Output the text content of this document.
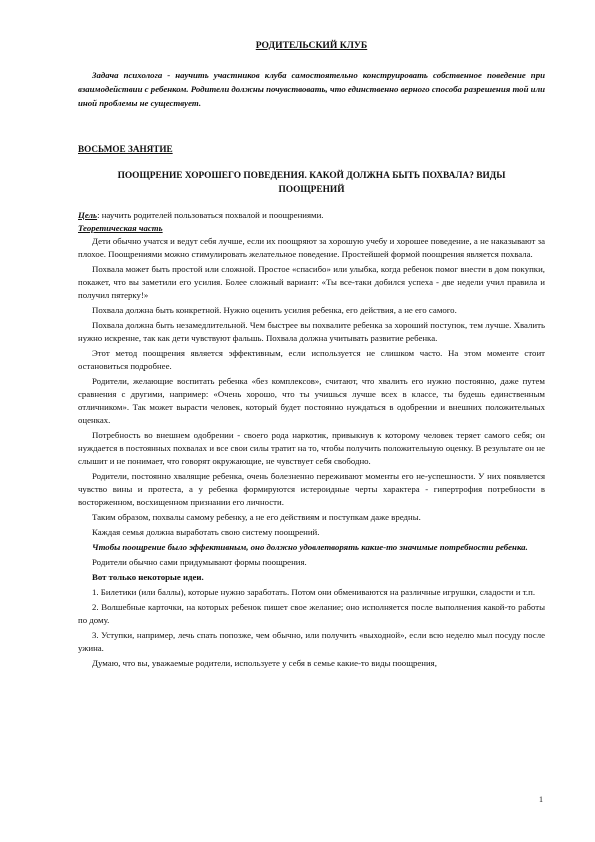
РОДИТЕЛЬСКИЙ КЛУБ

Задача психолога - научить участников клуба самостоятельно конструировать собственное поведение при взаимодействии с ребенком. Родители должны почувствовать, что единственно верного способа разрешения той или иной проблемы не существует.
ВОСЬМОЕ ЗАНЯТИЕ
ПООЩРЕНИЕ ХОРОШЕГО ПОВЕДЕНИЯ. КАКОЙ ДОЛЖНА БЫТЬ ПОХВАЛА? ВИДЫ ПООЩРЕНИЙ
Цель: научить родителей пользоваться похвалой и поощрениями.
Теоретическая часть

Дети обычно учатся и ведут себя лучше, если их поощряют за хорошую учебу и хорошее поведение, а не наказывают за плохое. Поощрениями можно стимулировать желательное поведение. Простейшей формой поощрения является похвала.

Похвала может быть простой или сложной. Простое «спасибо» или улыбка, когда ребенок помог внести в дом покупки, покажет, что вы заметили его усилия. Более сложный вариант: «Ты все-таки добился успеха - две недели учил правила и получил пятерку!»

Похвала должна быть конкретной. Нужно оценить усилия ребенка, его действия, а не его самого.

Похвала должна быть незамедлительной. Чем быстрее вы похвалите ребенка за хороший поступок, тем лучше. Хвалить нужно искренне, так как дети чувствуют фальшь. Похвала должна учитывать развитие ребенка.

Этот метод поощрения является эффективным, если используется не слишком часто. На этом моменте стоит остановиться подробнее.

Родители, желающие воспитать ребенка «без комплексов», считают, что хвалить его нужно постоянно, даже путем сравнения с другими, например: «Очень хорошо, что ты учишься лучше всех в классе, ты будешь единственным отличником». Так может вырасти человек, который будет постоянно нуждаться в одобрении и внешних положительных оценках.

Потребность во внешнем одобрении - своего рода наркотик, привыкнув к которому человек теряет самого себя; он нуждается в постоянных похвалах и все свои силы тратит на то, чтобы получить положительную оценку. В результате он не слышит и не понимает, что говорят окружающие, не чувствует себя свободно.

Родители, постоянно хвалящие ребенка, очень болезненно переживают моменты его не-успешности. У них появляется чувство вины и протеста, а у ребенка формируются истероидные черты характера - гипертрофия потребности в восторженном, восхищенном признании его личности.

Таким образом, похвалы самому ребенку, а не его действиям и поступкам даже вредны.

Каждая семья должна выработать свою систему поощрений.

Чтобы поощрение было эффективным, оно должно удовлетворять какие-то значимые потребности ребенка.

Родители обычно сами придумывают формы поощрения.

Вот только некоторые идеи.

1. Билетики (или баллы), которые нужно заработать. Потом они обмениваются на различные игрушки, сладости и т.п.

2. Волшебные карточки, на которых ребенок пишет свое желание; оно исполняется после выполнения какой-то работы по дому.

3. Уступки, например, лечь спать попозже, чем обычно, или получить «выходной», если всю неделю мыл посуду после ужина.

Думаю, что вы, уважаемые родители, используете у себя в семье какие-то виды поощрения,

1
